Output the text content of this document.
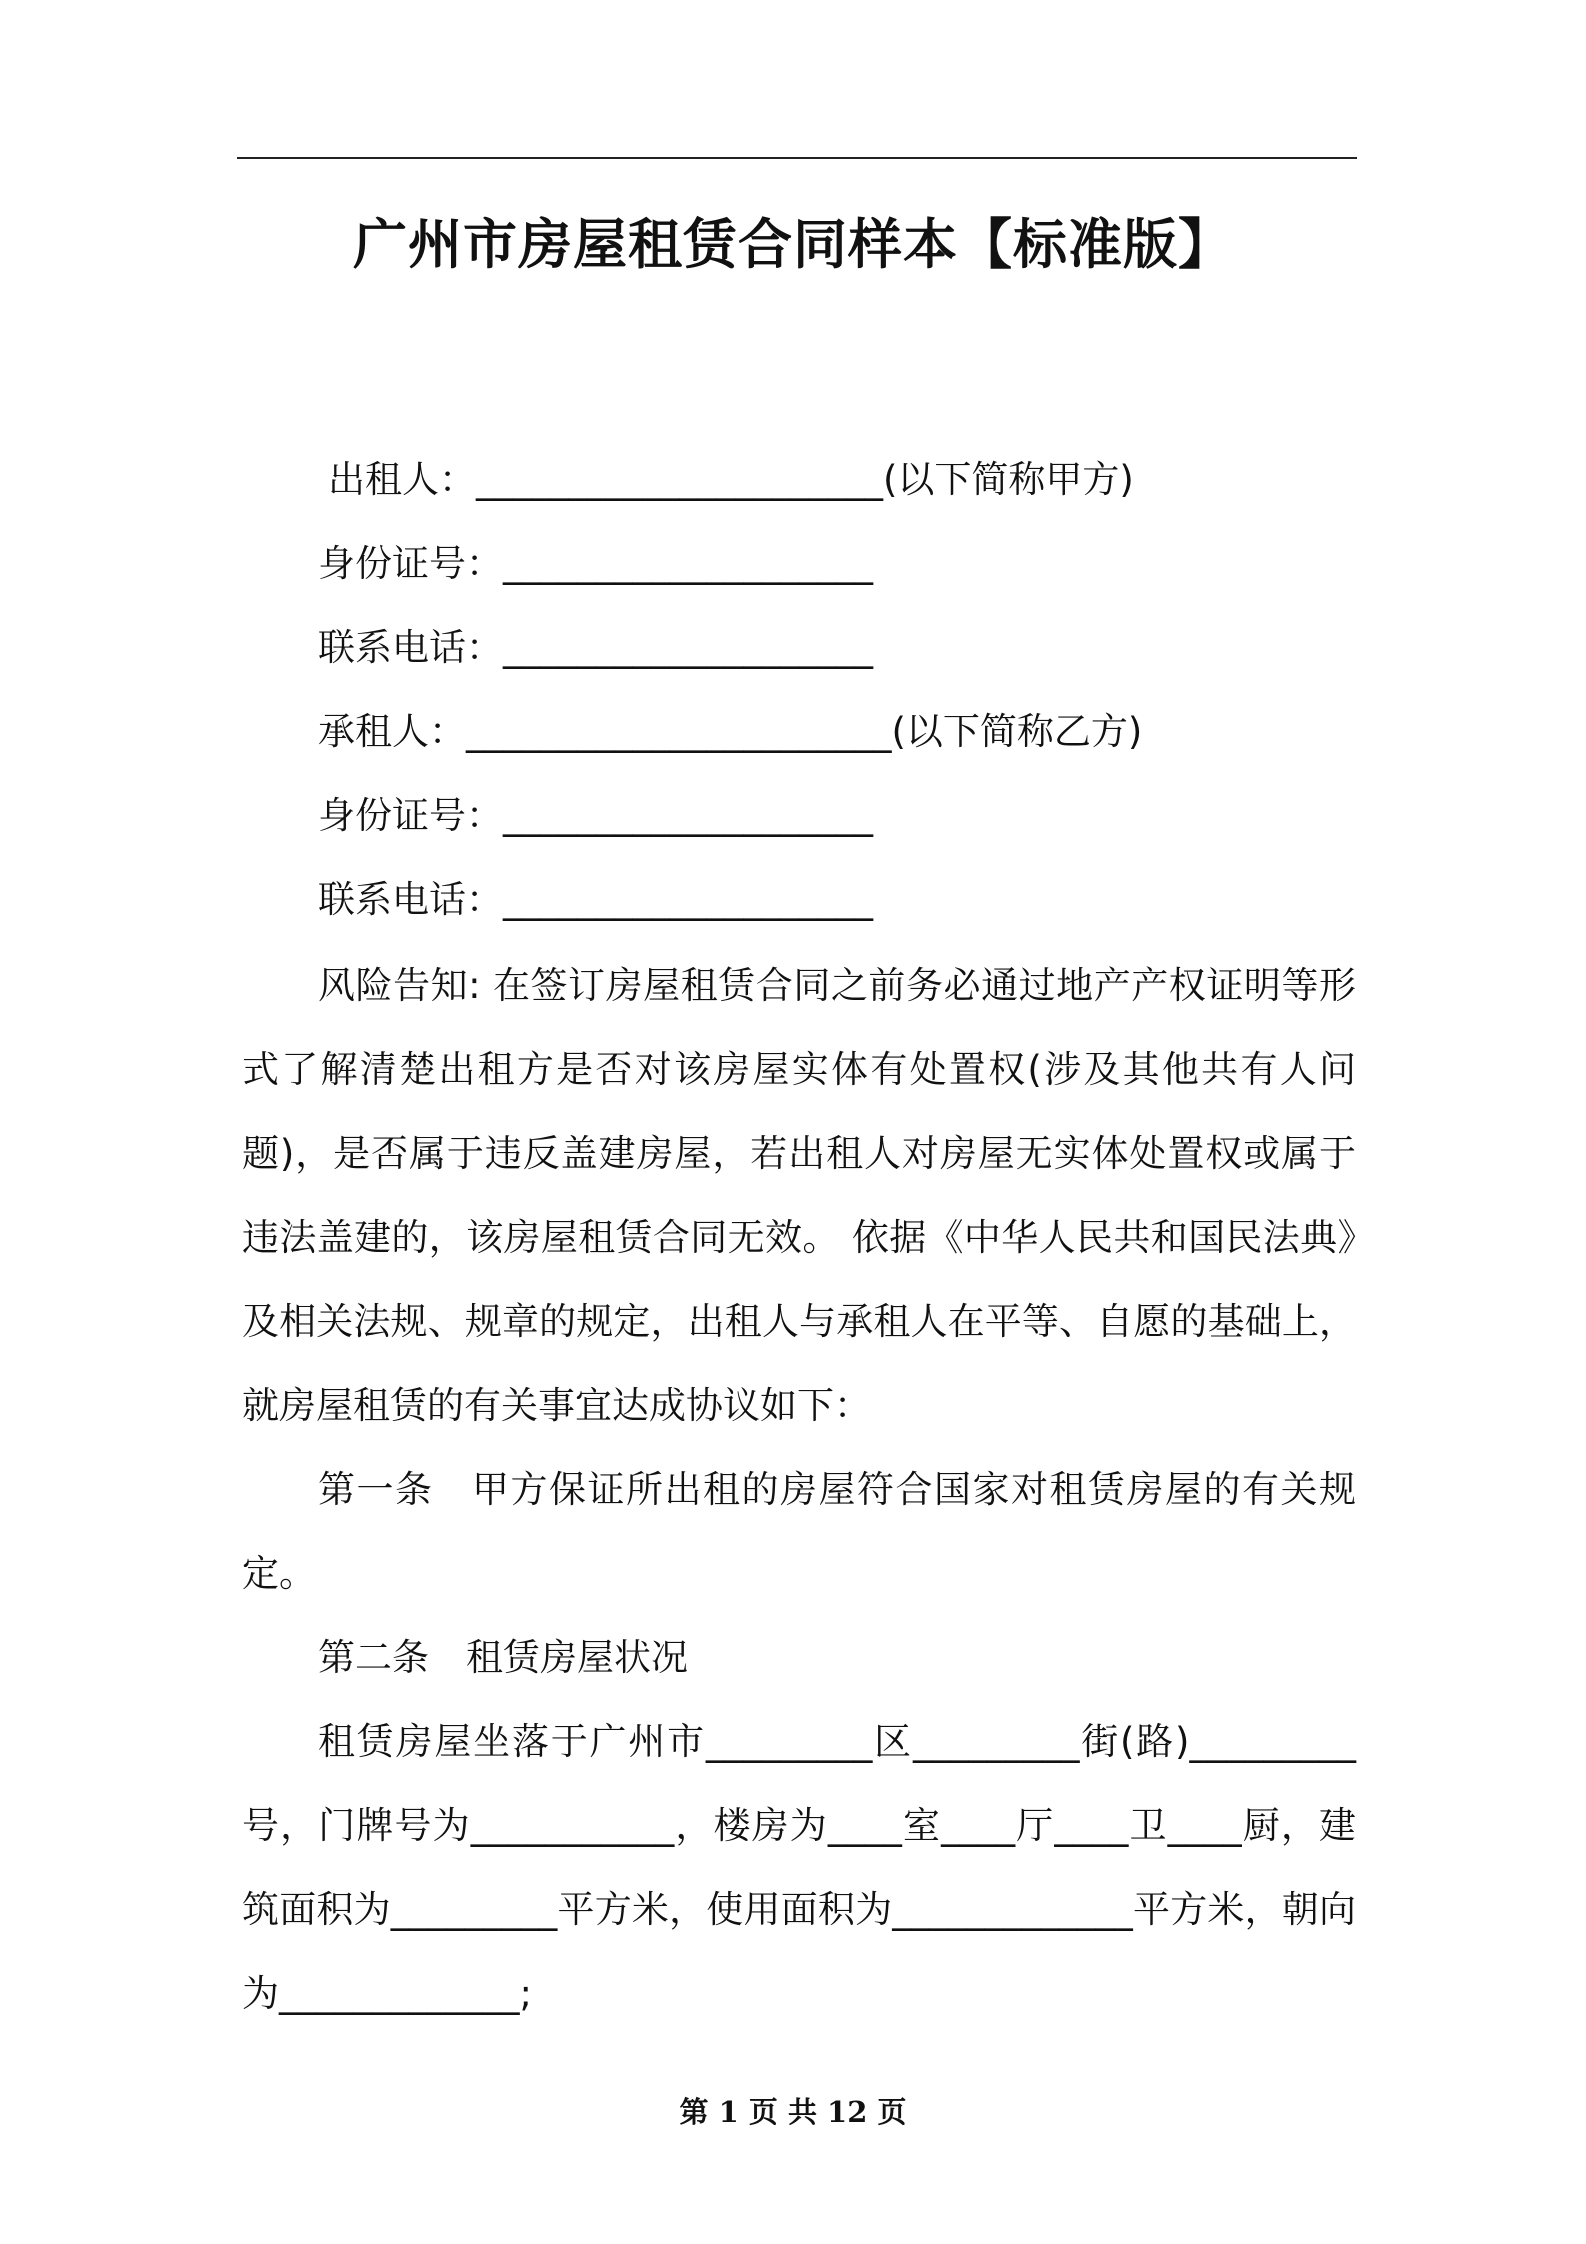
广州市房屋租赁合同样本【标准版】
出租人：______________________(以下简称甲方)
身份证号：____________________
联系电话：____________________
承租人：_______________________(以下简称乙方)
身份证号：____________________
联系电话：____________________

风险告知: 在签订房屋租赁合同之前务必通过地产产权证明等形式了解清楚出租方是否对该房屋实体有处置权(涉及其他共有人问题)，是否属于违反盖建房屋，若出租人对房屋无实体处置权或属于违法盖建的，该房屋租赁合同无效。 依据《中华人民共和国民法典》及相关法规、规章的规定，出租人与承租人在平等、自愿的基础上，就房屋租赁的有关事宜达成协议如下：

第一条　甲方保证所出租的房屋符合国家对租赁房屋的有关规定。

第二条　租赁房屋状况

租赁房屋坐落于广州市_________区_________街(路)_________号，门牌号为___________，楼房为____室____厅____卫____厨，建筑面积为_________平方米，使用面积为_____________平方米，朝向为_____________;

第 1 页 共 12 页
